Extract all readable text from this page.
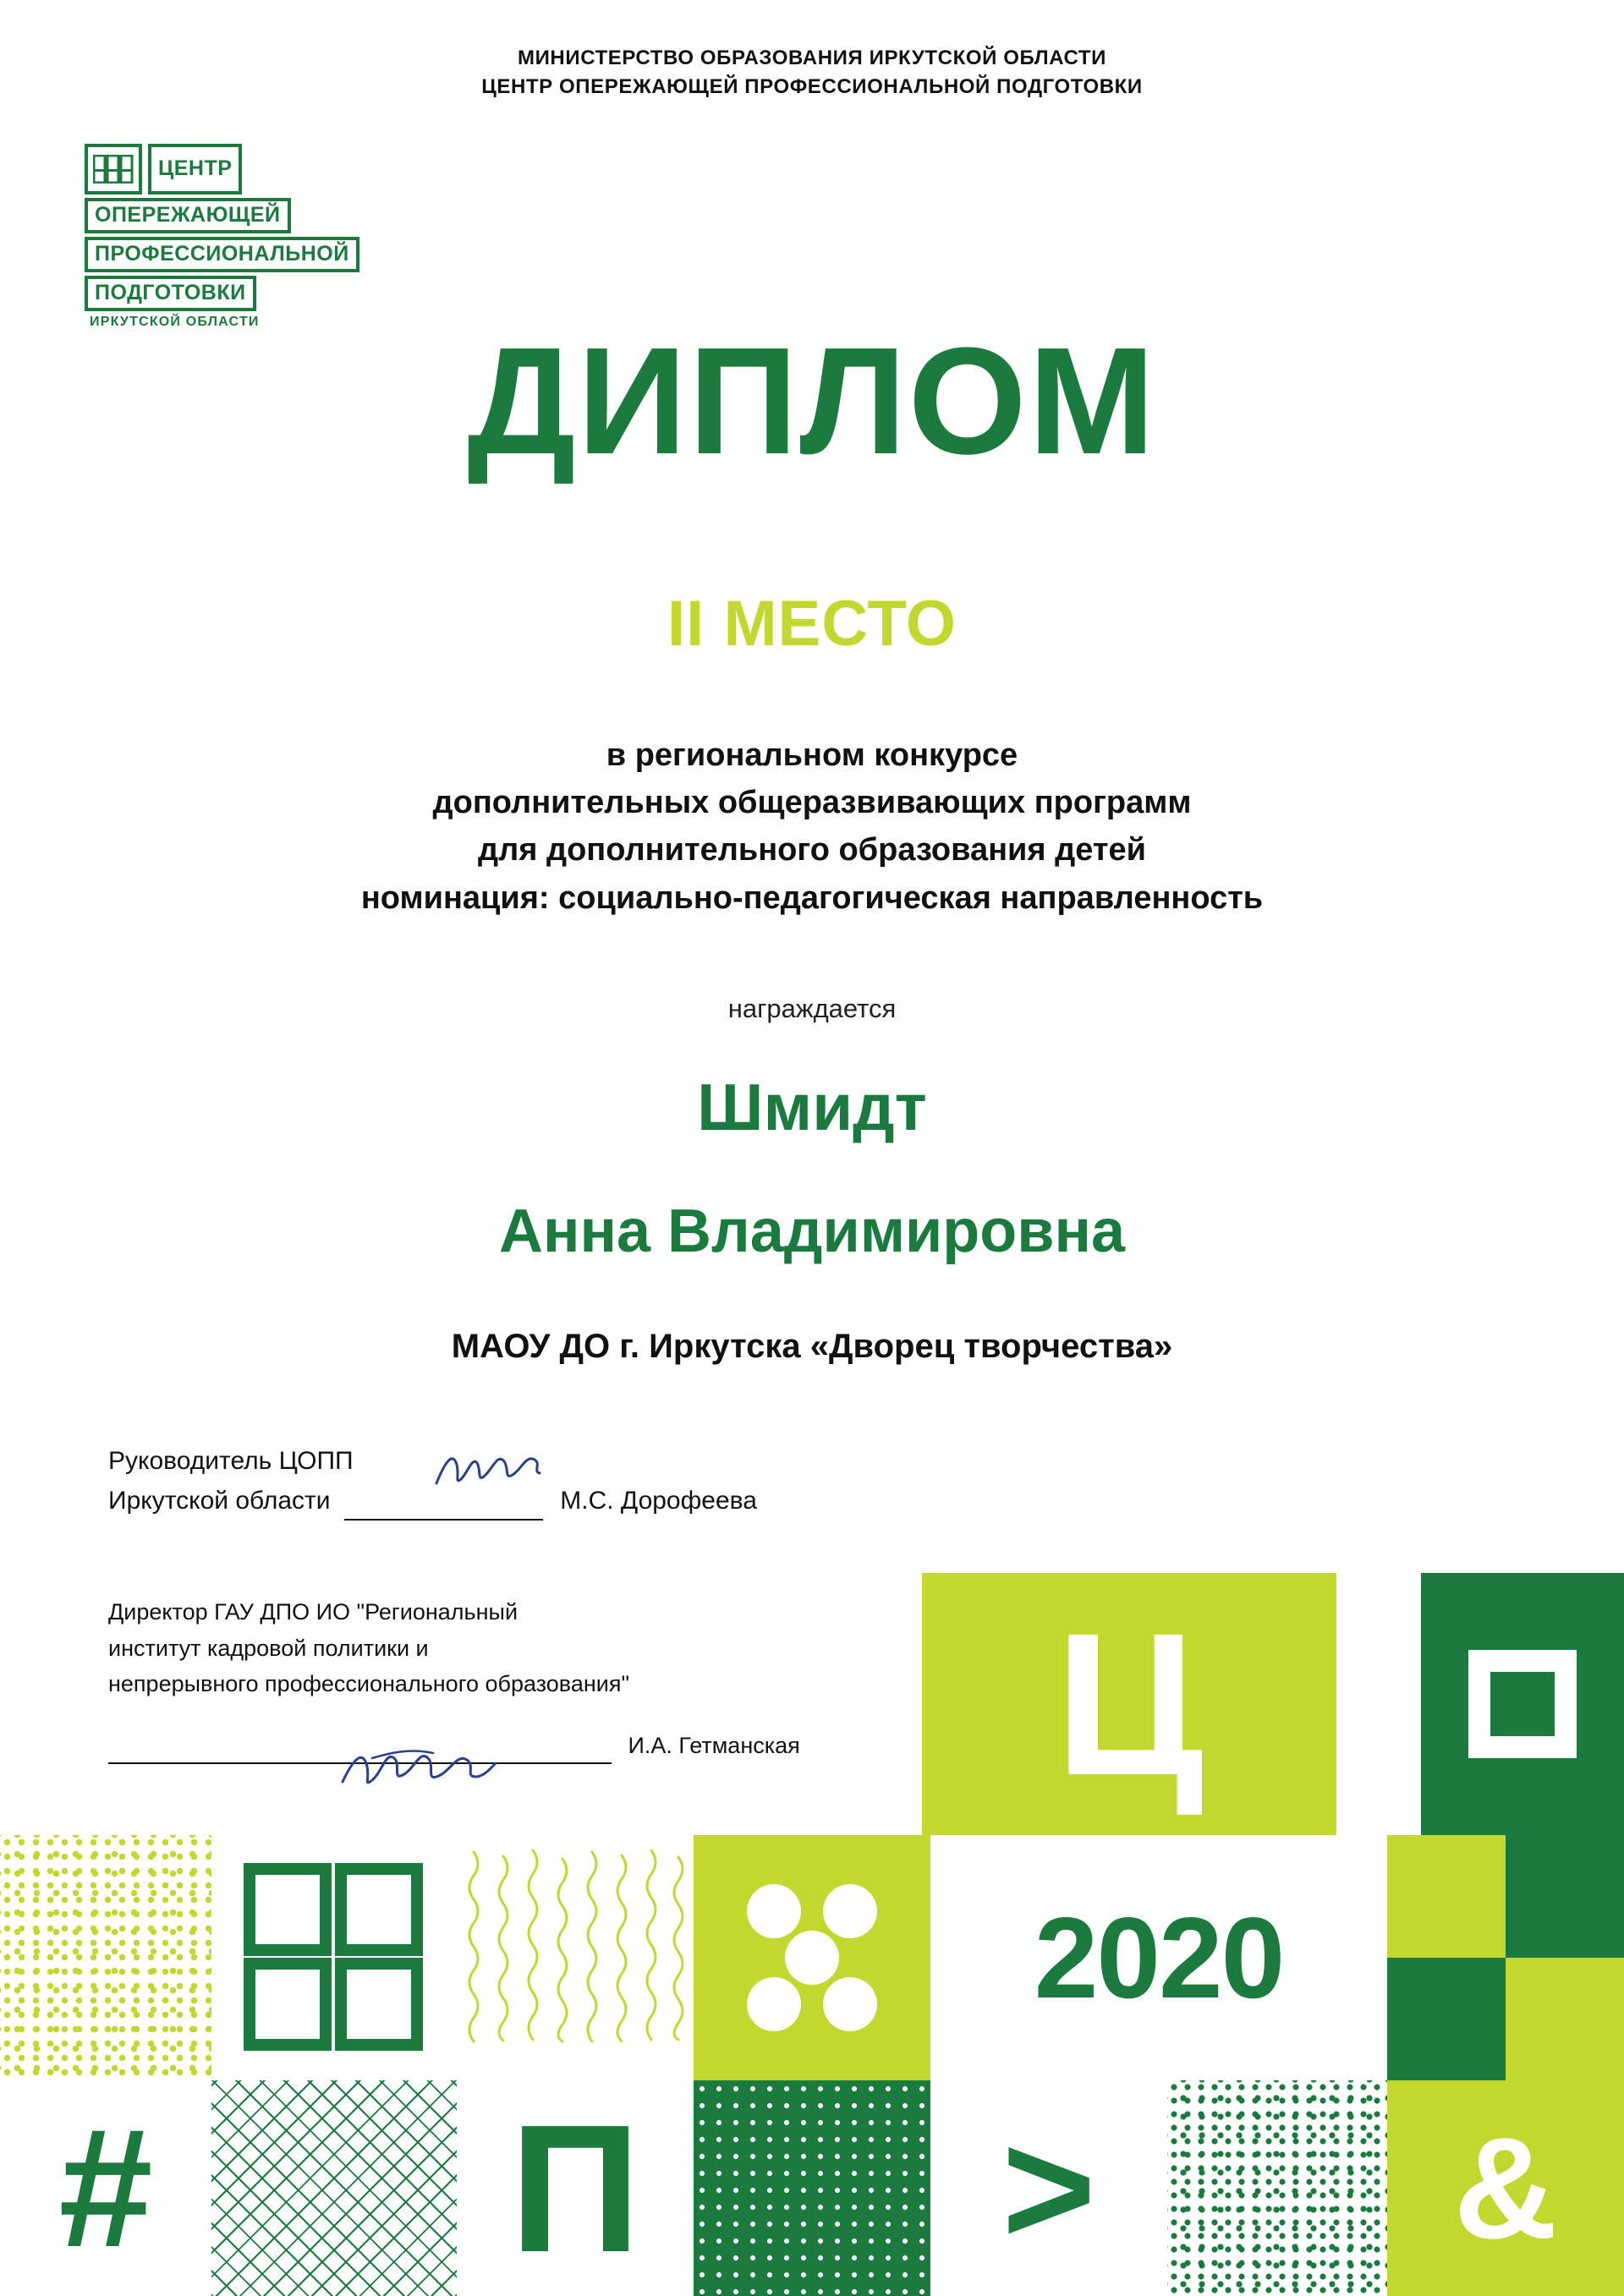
МИНИСТЕРСТВО ОБРАЗОВАНИЯ ИРКУТСКОЙ ОБЛАСТИ
ЦЕНТР ОПЕРЕЖАЮЩЕЙ ПРОФЕССИОНАЛЬНОЙ ПОДГОТОВКИ
ЦЕНТР
ОПЕРЕЖАЮЩЕЙ
ПРОФЕССИОНАЛЬНОЙ
ПОДГОТОВКИ
ИРКУТСКОЙ ОБЛАСТИ	ДИПЛОМ
II МЕСТО
в региональном конкурсе
дополнительных общеразвивающих программ
для дополнительного образования детей
номинация: социально-педагогическая направленность
награждается
Шмидт
Анна Владимировна
МАОУ ДО г. Иркутска «Дворец творчества»
Руководитель ЦОПП
Иркутской области	М.С. Дорофеева
Директор ГАУ ДПО ИО "Региональный
институт кадровой политики и
непрерывного профессионального образования"
И.А. Гетманская	Ц
2020
#	П	>	&
